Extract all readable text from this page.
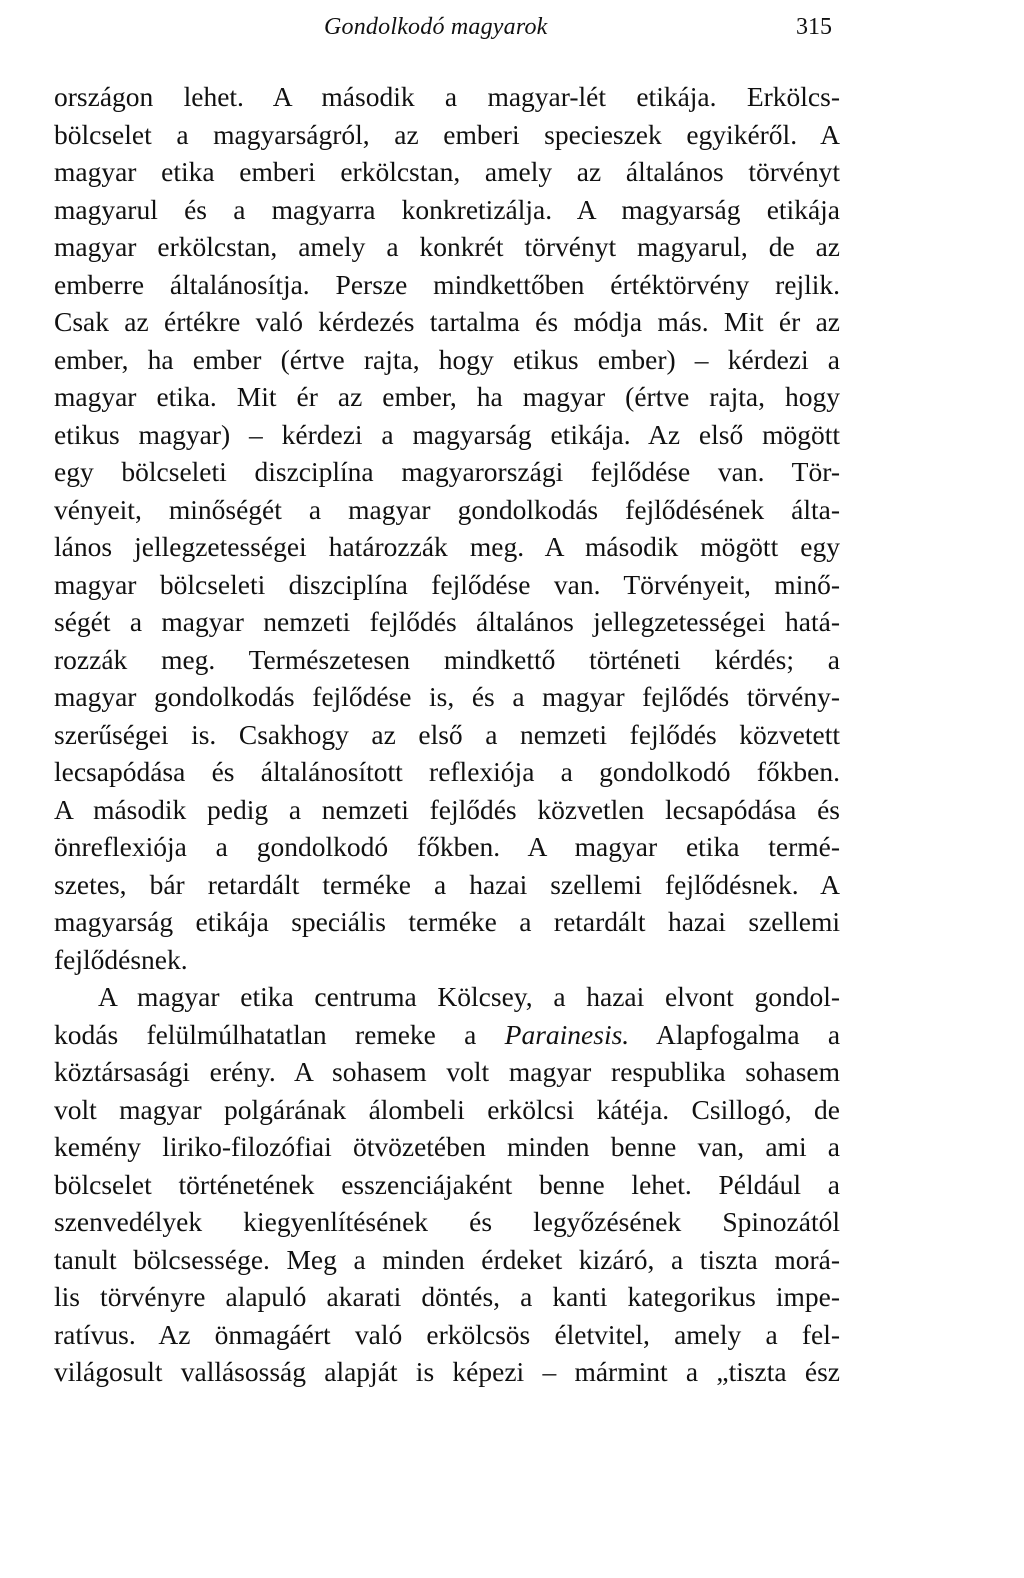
Gondolkodó magyarok	315
országon lehet. A második a magyar-lét etikája. Erkölcs-
bölcselet a magyarságról, az emberi specieszek egyikéről. A
magyar etika emberi erkölcstan, amely az általános törvényt
magyarul és a magyarra konkretizálja. A magyarság etikája
magyar erkölcstan, amely a konkrét törvényt magyarul, de az
emberre általánosítja. Persze mindkettőben értéktörvény rejlik.
Csak az értékre való kérdezés tartalma és módja más. Mit ér az
ember, ha ember (értve rajta, hogy etikus ember) – kérdezi a
magyar etika. Mit ér az ember, ha magyar (értve rajta, hogy
etikus magyar) – kérdezi a magyarság etikája. Az első mögött
egy bölcseleti diszciplína magyarországi fejlődése van. Tör-
vényeit, minőségét a magyar gondolkodás fejlődésének álta-
lános jellegzetességei határozzák meg. A második mögött egy
magyar bölcseleti diszciplína fejlődése van. Törvényeit, minő-
ségét a magyar nemzeti fejlődés általános jellegzetességei hatá-
rozzák meg. Természetesen mindkettő történeti kérdés; a
magyar gondolkodás fejlődése is, és a magyar fejlődés törvény-
szerűségei is. Csakhogy az első a nemzeti fejlődés közvetett
lecsapódása és általánosított reflexiója a gondolkodó főkben.
A második pedig a nemzeti fejlődés közvetlen lecsapódása és
önreflexiója a gondolkodó főkben. A magyar etika termé-
szetes, bár retardált terméke a hazai szellemi fejlődésnek. A
magyarság etikája speciális terméke a retardált hazai szellemi
fejlődésnek.
A magyar etika centruma Kölcsey, a hazai elvont gondol-
kodás felülmúlhatatlan remeke a Parainesis. Alapfogalma a
köztársasági erény. A sohasem volt magyar respublika sohasem
volt magyar polgárának álombeli erkölcsi kátéja. Csillogó, de
kemény liriko-filozófiai ötvözetében minden benne van, ami a
bölcselet történetének esszenciájaként benne lehet. Például a
szenvedélyek kiegyenlítésének és legyőzésének Spinozától
tanult bölcsessége. Meg a minden érdeket kizáró, a tiszta morá-
lis törvényre alapuló akarati döntés, a kanti kategorikus impe-
ratívus. Az önmagáért való erkölcsös életvitel, amely a fel-
világosult vallásosság alapját is képezi – mármint a „tiszta ész
